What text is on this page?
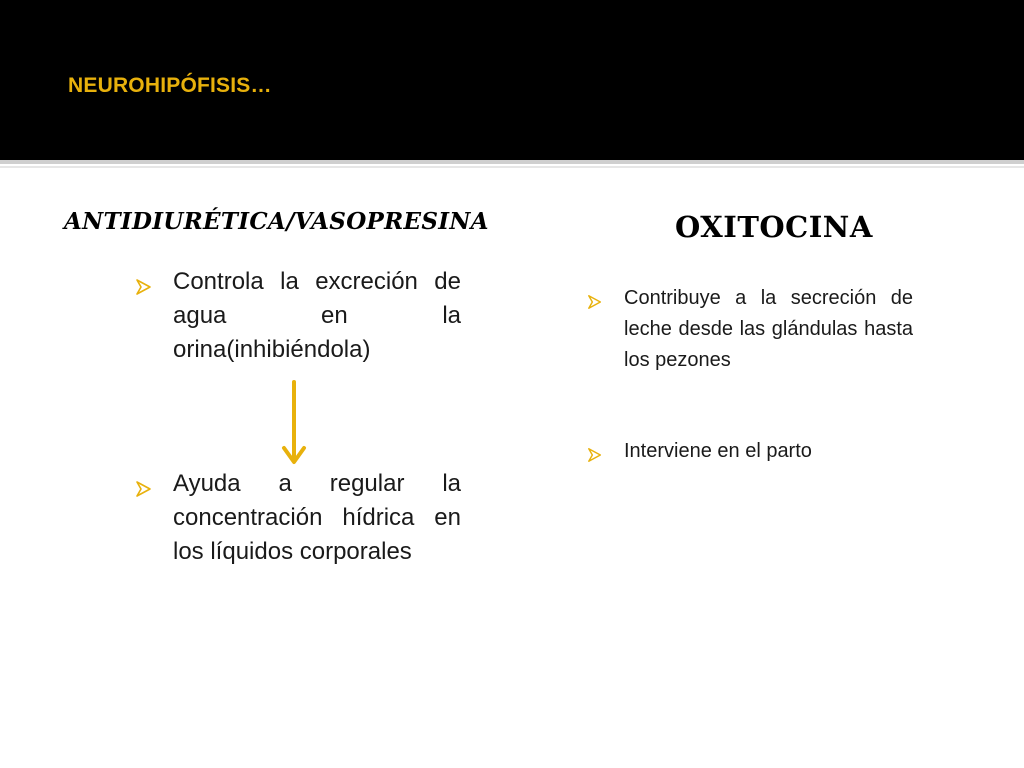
NEUROHIPÓFISIS…
ANTIDIURÉTICA/VASOPRESINA	OXITOCINA
Controla la excreción de agua en la orina(inhibiéndola)
Ayuda a regular la concentración hídrica en los líquidos corporales
Contribuye a la secreción de leche desde las glándulas hasta los pezones
Interviene en el parto
